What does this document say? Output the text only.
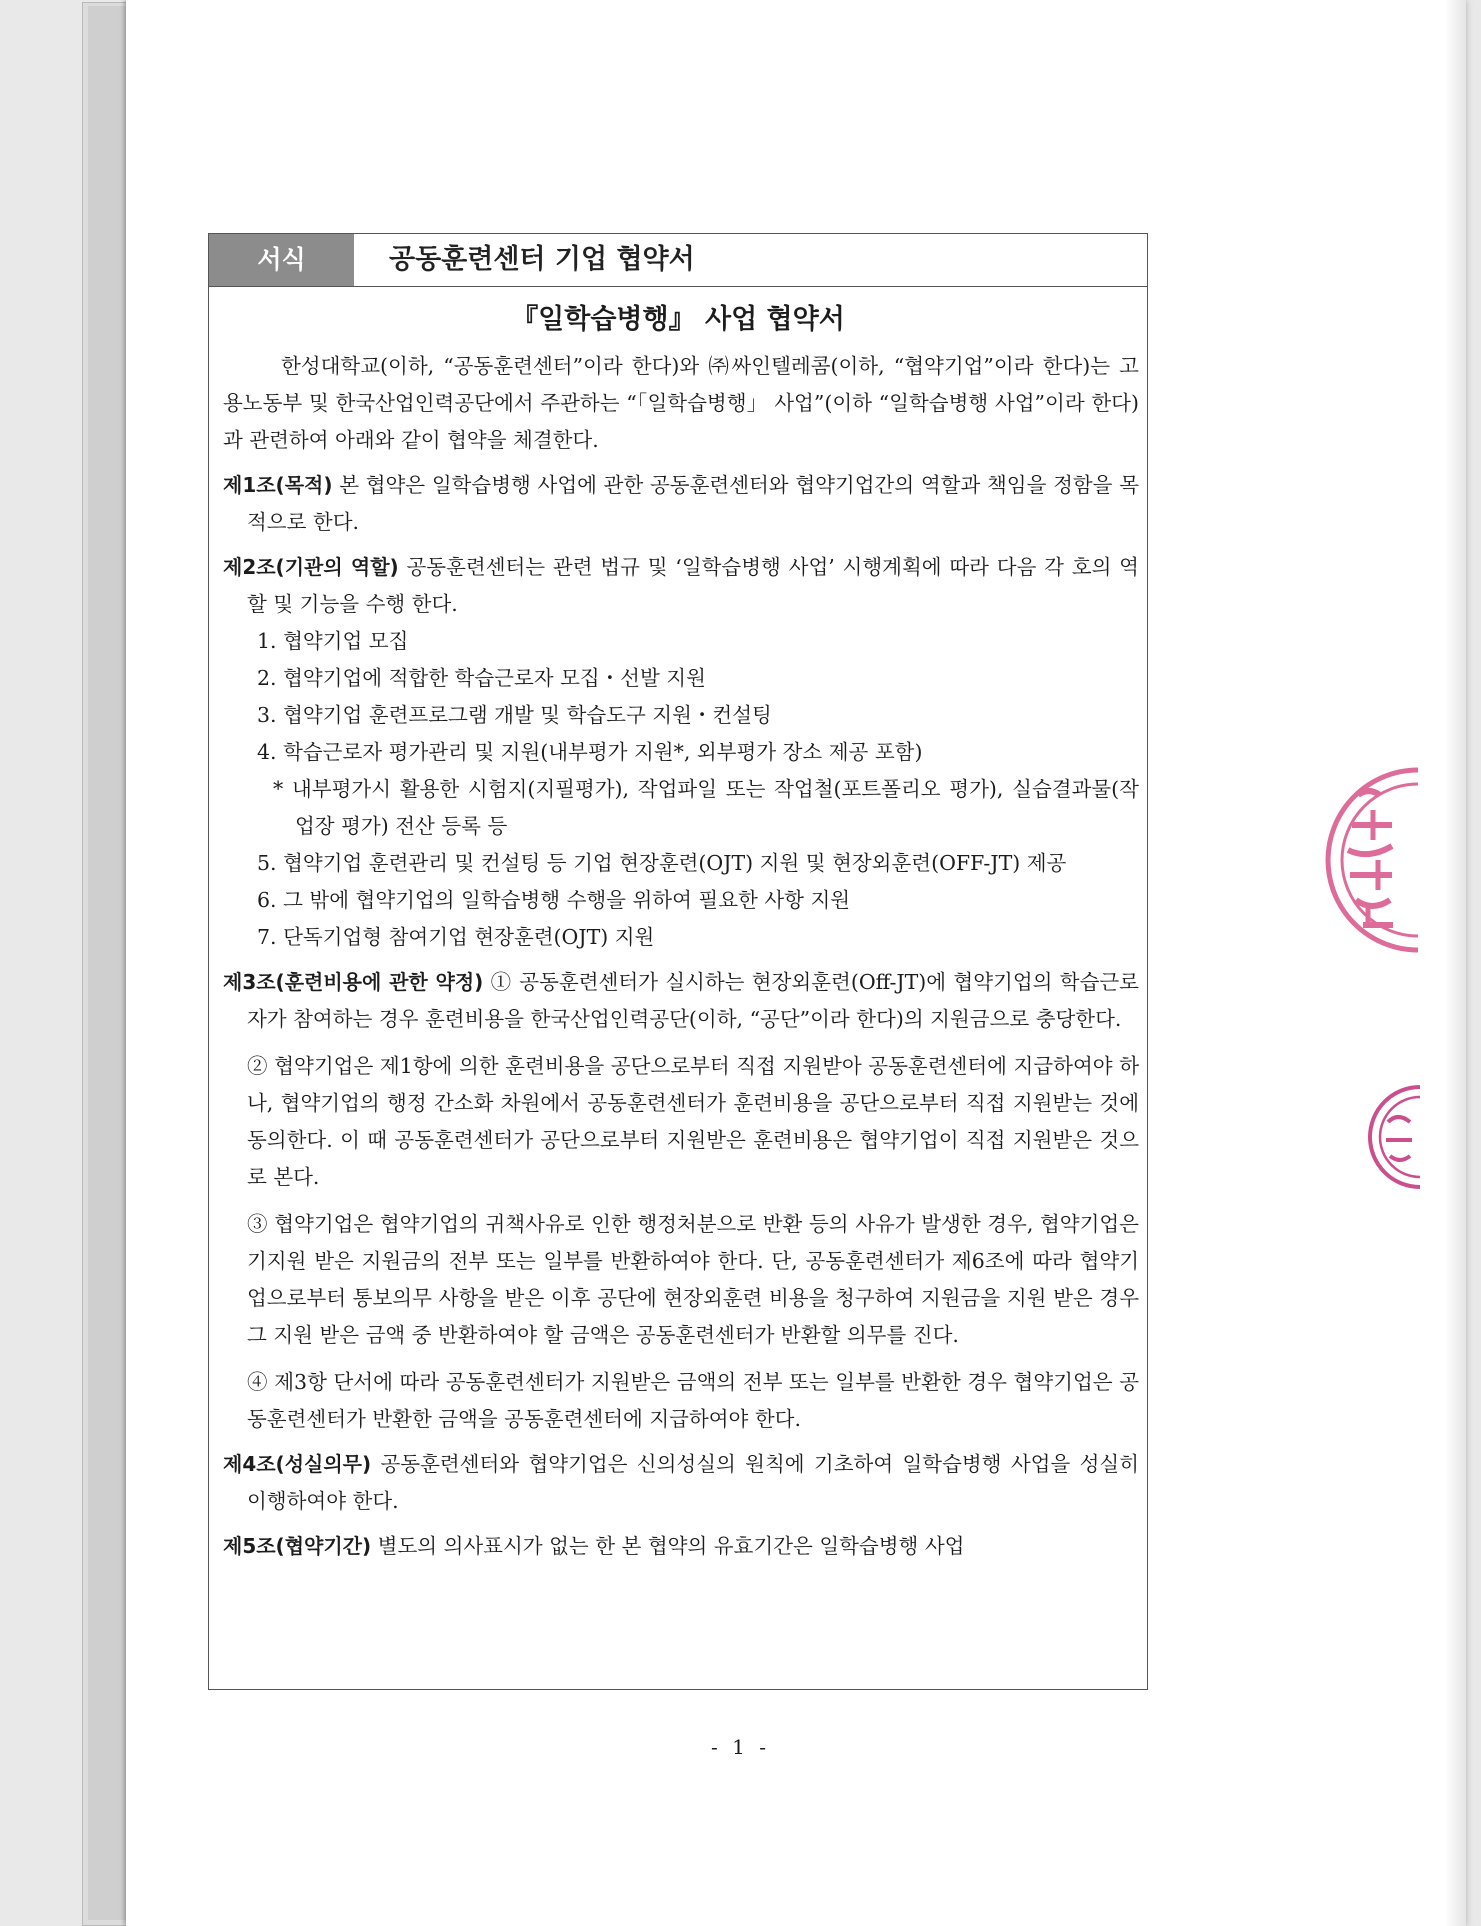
서식	공동훈련센터 기업 협약서
『일학습병행』 사업 협약서

한성대학교(이하, “공동훈련센터”이라 한다)와 ㈜싸인텔레콤(이하, “협약기업”이라 한다)는 고용노동부 및 한국산업인력공단에서 주관하는 “「일학습병행」 사업”(이하 “일학습병행 사업”이라 한다)과 관련하여 아래와 같이 협약을 체결한다.

제1조(목적) 본 협약은 일학습병행 사업에 관한 공동훈련센터와 협약기업간의 역할과 책임을 정함을 목적으로 한다.

제2조(기관의 역할) 공동훈련센터는 관련 법규 및 ‘일학습병행 사업’ 시행계획에 따라 다음 각 호의 역할 및 기능을 수행 한다.

1. 협약기업 모집
2. 협약기업에 적합한 학습근로자 모집・선발 지원
3. 협약기업 훈련프로그램 개발 및 학습도구 지원・컨설팅
4. 학습근로자 평가관리 및 지원(내부평가 지원*, 외부평가 장소 제공 포함)
* 내부평가시 활용한 시험지(지필평가), 작업파일 또는 작업철(포트폴리오 평가), 실습결과물(작업장 평가) 전산 등록 등
5. 협약기업 훈련관리 및 컨설팅 등 기업 현장훈련(OJT) 지원 및 현장외훈련(OFF-JT) 제공
6. 그 밖에 협약기업의 일학습병행 수행을 위하여 필요한 사항 지원
7. 단독기업형 참여기업 현장훈련(OJT) 지원

제3조(훈련비용에 관한 약정) ① 공동훈련센터가 실시하는 현장외훈련(Off-JT)에 협약기업의 학습근로자가 참여하는 경우 훈련비용을 한국산업인력공단(이하, “공단”이라 한다)의 지원금으로 충당한다.

② 협약기업은 제1항에 의한 훈련비용을 공단으로부터 직접 지원받아 공동훈련센터에 지급하여야 하나, 협약기업의 행정 간소화 차원에서 공동훈련센터가 훈련비용을 공단으로부터 직접 지원받는 것에 동의한다. 이 때 공동훈련센터가 공단으로부터 지원받은 훈련비용은 협약기업이 직접 지원받은 것으로 본다.

③ 협약기업은 협약기업의 귀책사유로 인한 행정처분으로 반환 등의 사유가 발생한 경우, 협약기업은 기지원 받은 지원금의 전부 또는 일부를 반환하여야 한다. 단, 공동훈련센터가 제6조에 따라 협약기업으로부터 통보의무 사항을 받은 이후 공단에 현장외훈련 비용을 청구하여 지원금을 지원 받은 경우 그 지원 받은 금액 중 반환하여야 할 금액은 공동훈련센터가 반환할 의무를 진다.

④ 제3항 단서에 따라 공동훈련센터가 지원받은 금액의 전부 또는 일부를 반환한 경우 협약기업은 공동훈련센터가 반환한 금액을 공동훈련센터에 지급하여야 한다.

제4조(성실의무) 공동훈련센터와 협약기업은 신의성실의 원칙에 기초하여 일학습병행 사업을 성실히 이행하여야 한다.

제5조(협약기간) 별도의 의사표시가 없는 한 본 협약의 유효기간은 일학습병행 사업

- 1 -
